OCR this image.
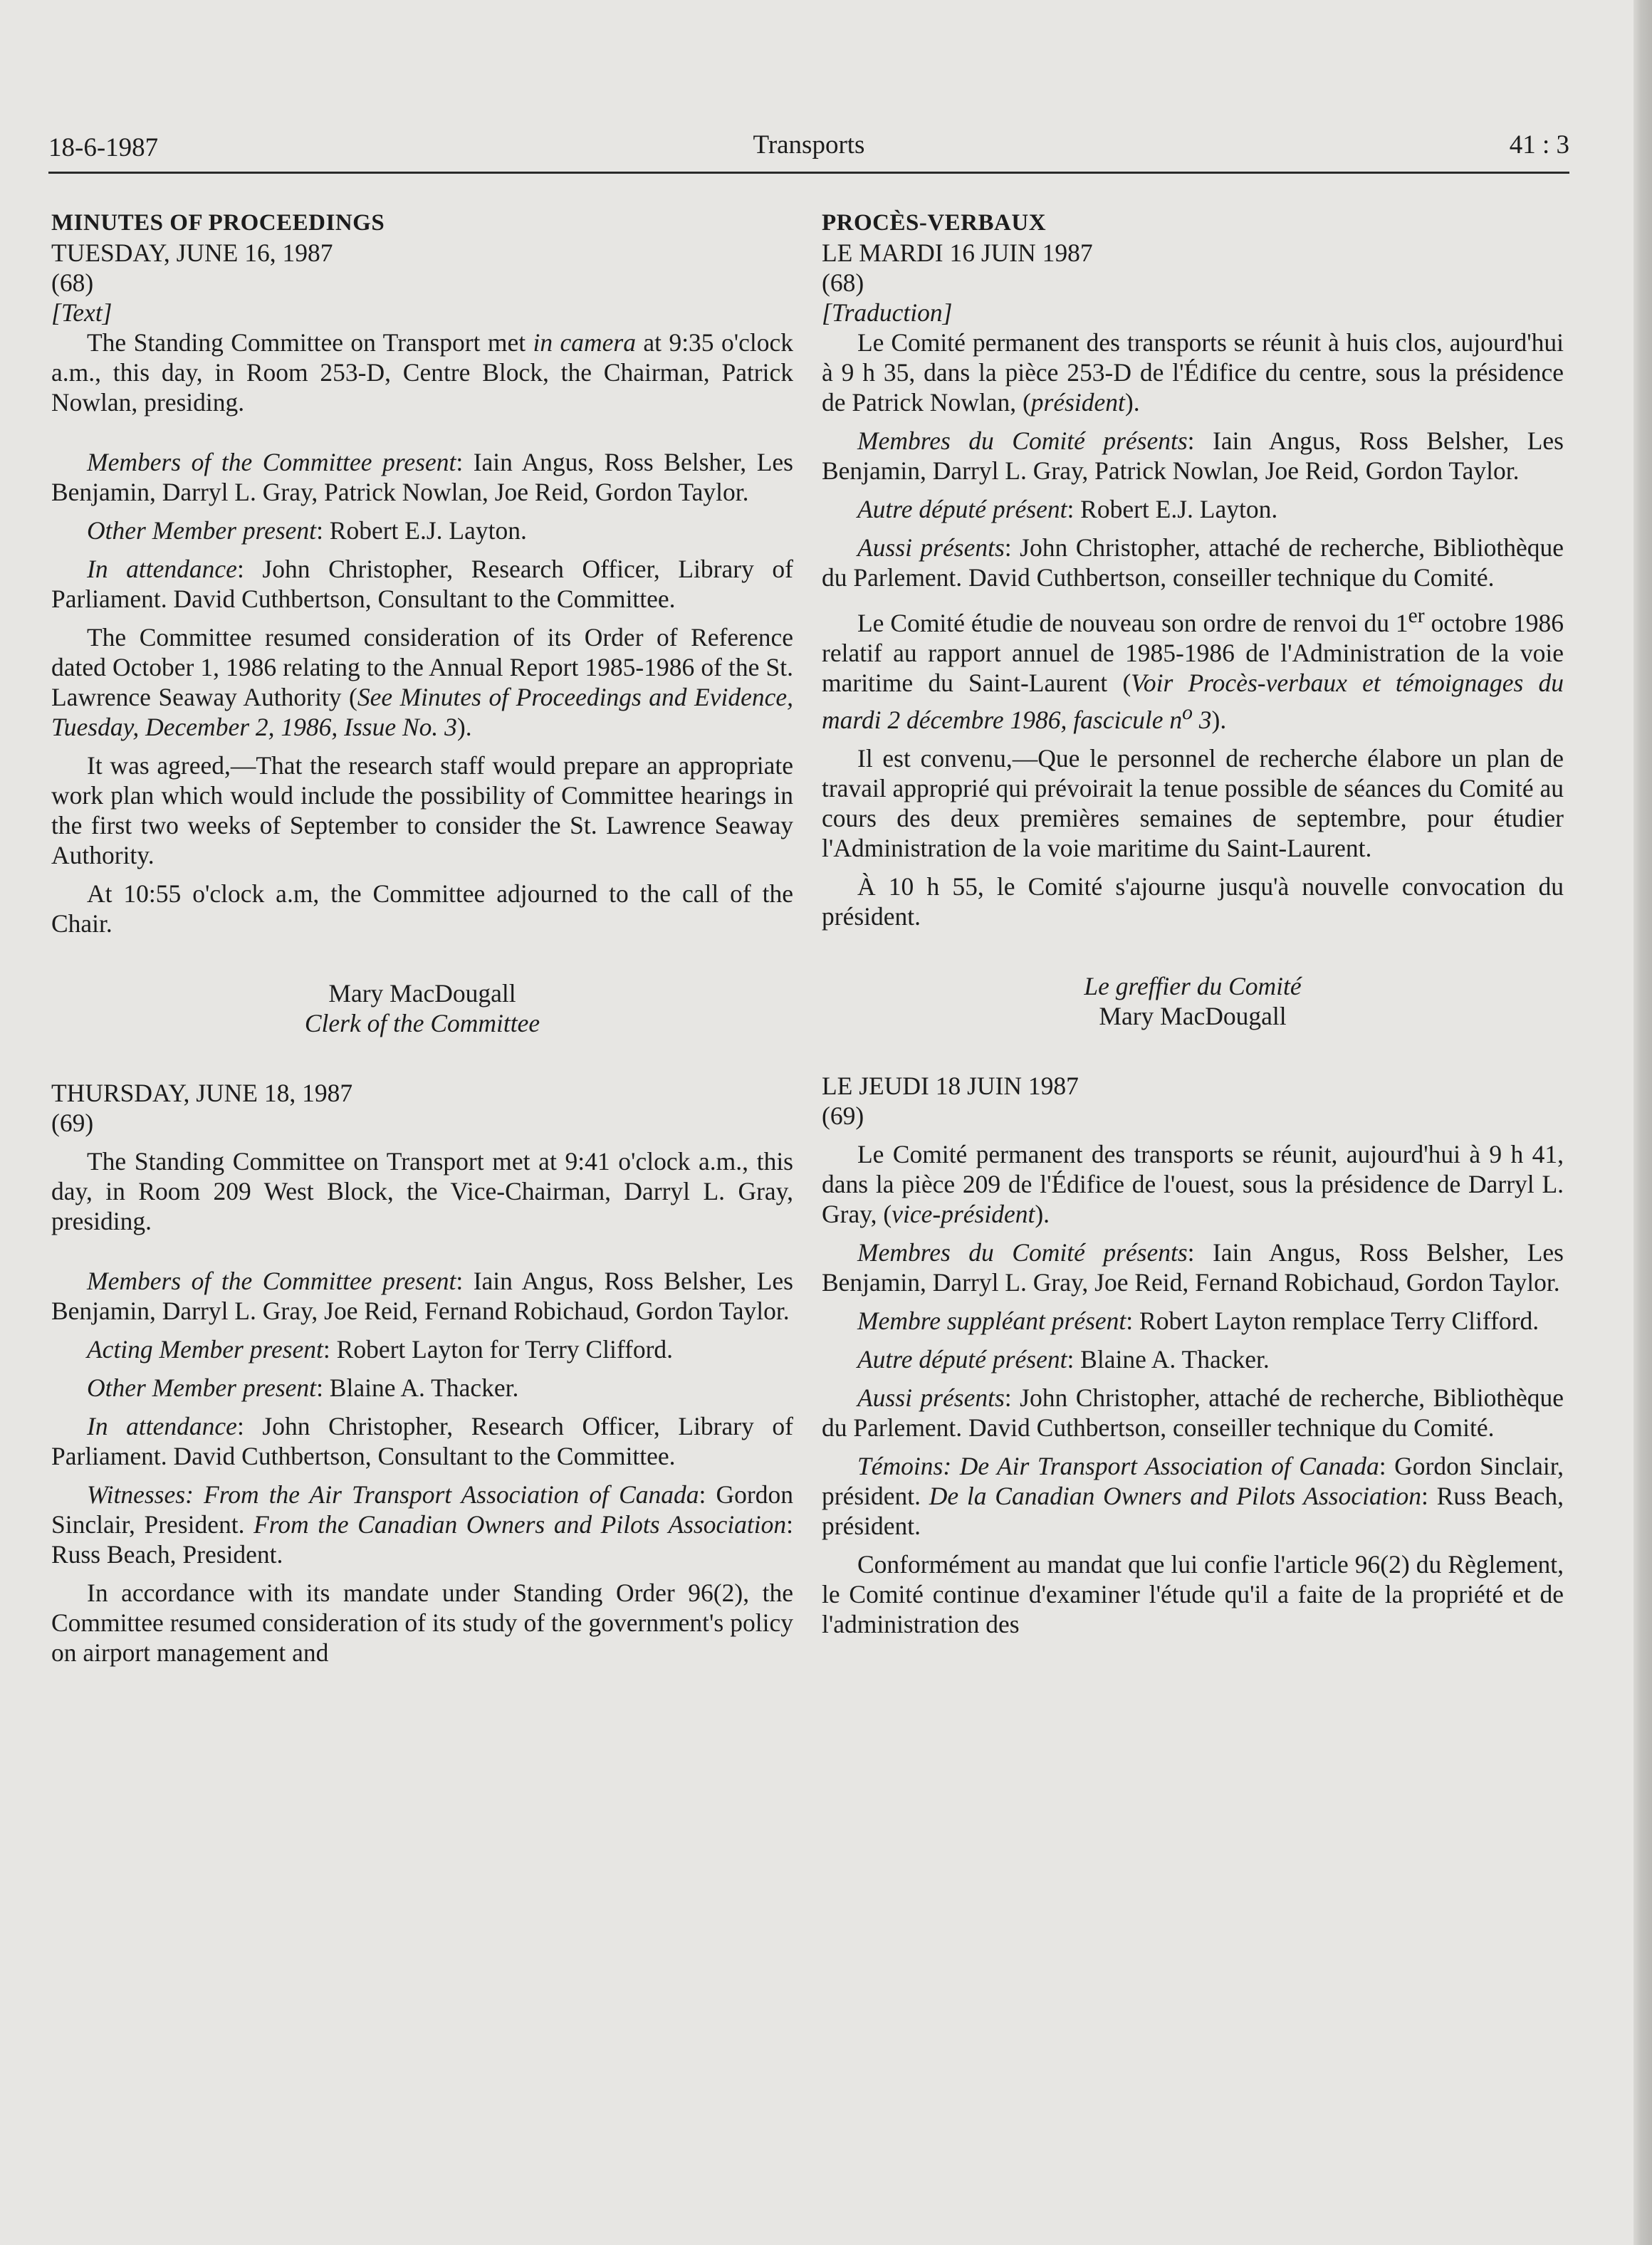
18-6-1987	Transports	41 : 3

MINUTES OF PROCEEDINGS

TUESDAY, JUNE 16, 1987

(68)

[Text]

The Standing Committee on Transport met in camera at 9:35 o'clock a.m., this day, in Room 253-D, Centre Block, the Chairman, Patrick Nowlan, presiding.

Members of the Committee present: Iain Angus, Ross Belsher, Les Benjamin, Darryl L. Gray, Patrick Nowlan, Joe Reid, Gordon Taylor.

Other Member present: Robert E.J. Layton.

In attendance: John Christopher, Research Officer, Library of Parliament. David Cuthbertson, Consultant to the Committee.

The Committee resumed consideration of its Order of Reference dated October 1, 1986 relating to the Annual Report 1985-1986 of the St. Lawrence Seaway Authority (See Minutes of Proceedings and Evidence, Tuesday, December 2, 1986, Issue No. 3).

It was agreed,—That the research staff would prepare an appropriate work plan which would include the possibility of Committee hearings in the first two weeks of September to consider the St. Lawrence Seaway Authority.

At 10:55 o'clock a.m, the Committee adjourned to the call of the Chair.

Mary MacDougall

Clerk of the Committee

THURSDAY, JUNE 18, 1987

(69)

The Standing Committee on Transport met at 9:41 o'clock a.m., this day, in Room 209 West Block, the Vice-Chairman, Darryl L. Gray, presiding.

Members of the Committee present: Iain Angus, Ross Belsher, Les Benjamin, Darryl L. Gray, Joe Reid, Fernand Robichaud, Gordon Taylor.

Acting Member present: Robert Layton for Terry Clifford.

Other Member present: Blaine A. Thacker.

In attendance: John Christopher, Research Officer, Library of Parliament. David Cuthbertson, Consultant to the Committee.

Witnesses: From the Air Transport Association of Canada: Gordon Sinclair, President. From the Canadian Owners and Pilots Association: Russ Beach, President.

In accordance with its mandate under Standing Order 96(2), the Committee resumed consideration of its study of the government's policy on airport management and

PROCÈS-VERBAUX

LE MARDI 16 JUIN 1987

(68)

[Traduction]

Le Comité permanent des transports se réunit à huis clos, aujourd'hui à 9 h 35, dans la pièce 253-D de l'Édifice du centre, sous la présidence de Patrick Nowlan, (président).

Membres du Comité présents: Iain Angus, Ross Belsher, Les Benjamin, Darryl L. Gray, Patrick Nowlan, Joe Reid, Gordon Taylor.

Autre député présent: Robert E.J. Layton.

Aussi présents: John Christopher, attaché de recherche, Bibliothèque du Parlement. David Cuthbertson, conseiller technique du Comité.

Le Comité étudie de nouveau son ordre de renvoi du 1er octobre 1986 relatif au rapport annuel de 1985-1986 de l'Administration de la voie maritime du Saint-Laurent (Voir Procès-verbaux et témoignages du mardi 2 décembre 1986, fascicule $n^o$ 3).

Il est convenu,—Que le personnel de recherche élabore un plan de travail approprié qui prévoirait la tenue possible de séances du Comité au cours des deux premières semaines de septembre, pour étudier l'Administration de la voie maritime du Saint-Laurent.

À 10 h 55, le Comité s'ajourne jusqu'à nouvelle convocation du président.

Le greffier du Comité

Mary MacDougall

LE JEUDI 18 JUIN 1987

(69)

Le Comité permanent des transports se réunit, aujourd'hui à 9 h 41, dans la pièce 209 de l'Édifice de l'ouest, sous la présidence de Darryl L. Gray, (vice-président).

Membres du Comité présents: Iain Angus, Ross Belsher, Les Benjamin, Darryl L. Gray, Joe Reid, Fernand Robichaud, Gordon Taylor.

Membre suppléant présent: Robert Layton remplace Terry Clifford.

Autre député présent: Blaine A. Thacker.

Aussi présents: John Christopher, attaché de recherche, Bibliothèque du Parlement. David Cuthbertson, conseiller technique du Comité.

Témoins: De Air Transport Association of Canada: Gordon Sinclair, président. De la Canadian Owners and Pilots Association: Russ Beach, président.

Conformément au mandat que lui confie l'article 96(2) du Règlement, le Comité continue d'examiner l'étude qu'il a faite de la propriété et de l'administration des
